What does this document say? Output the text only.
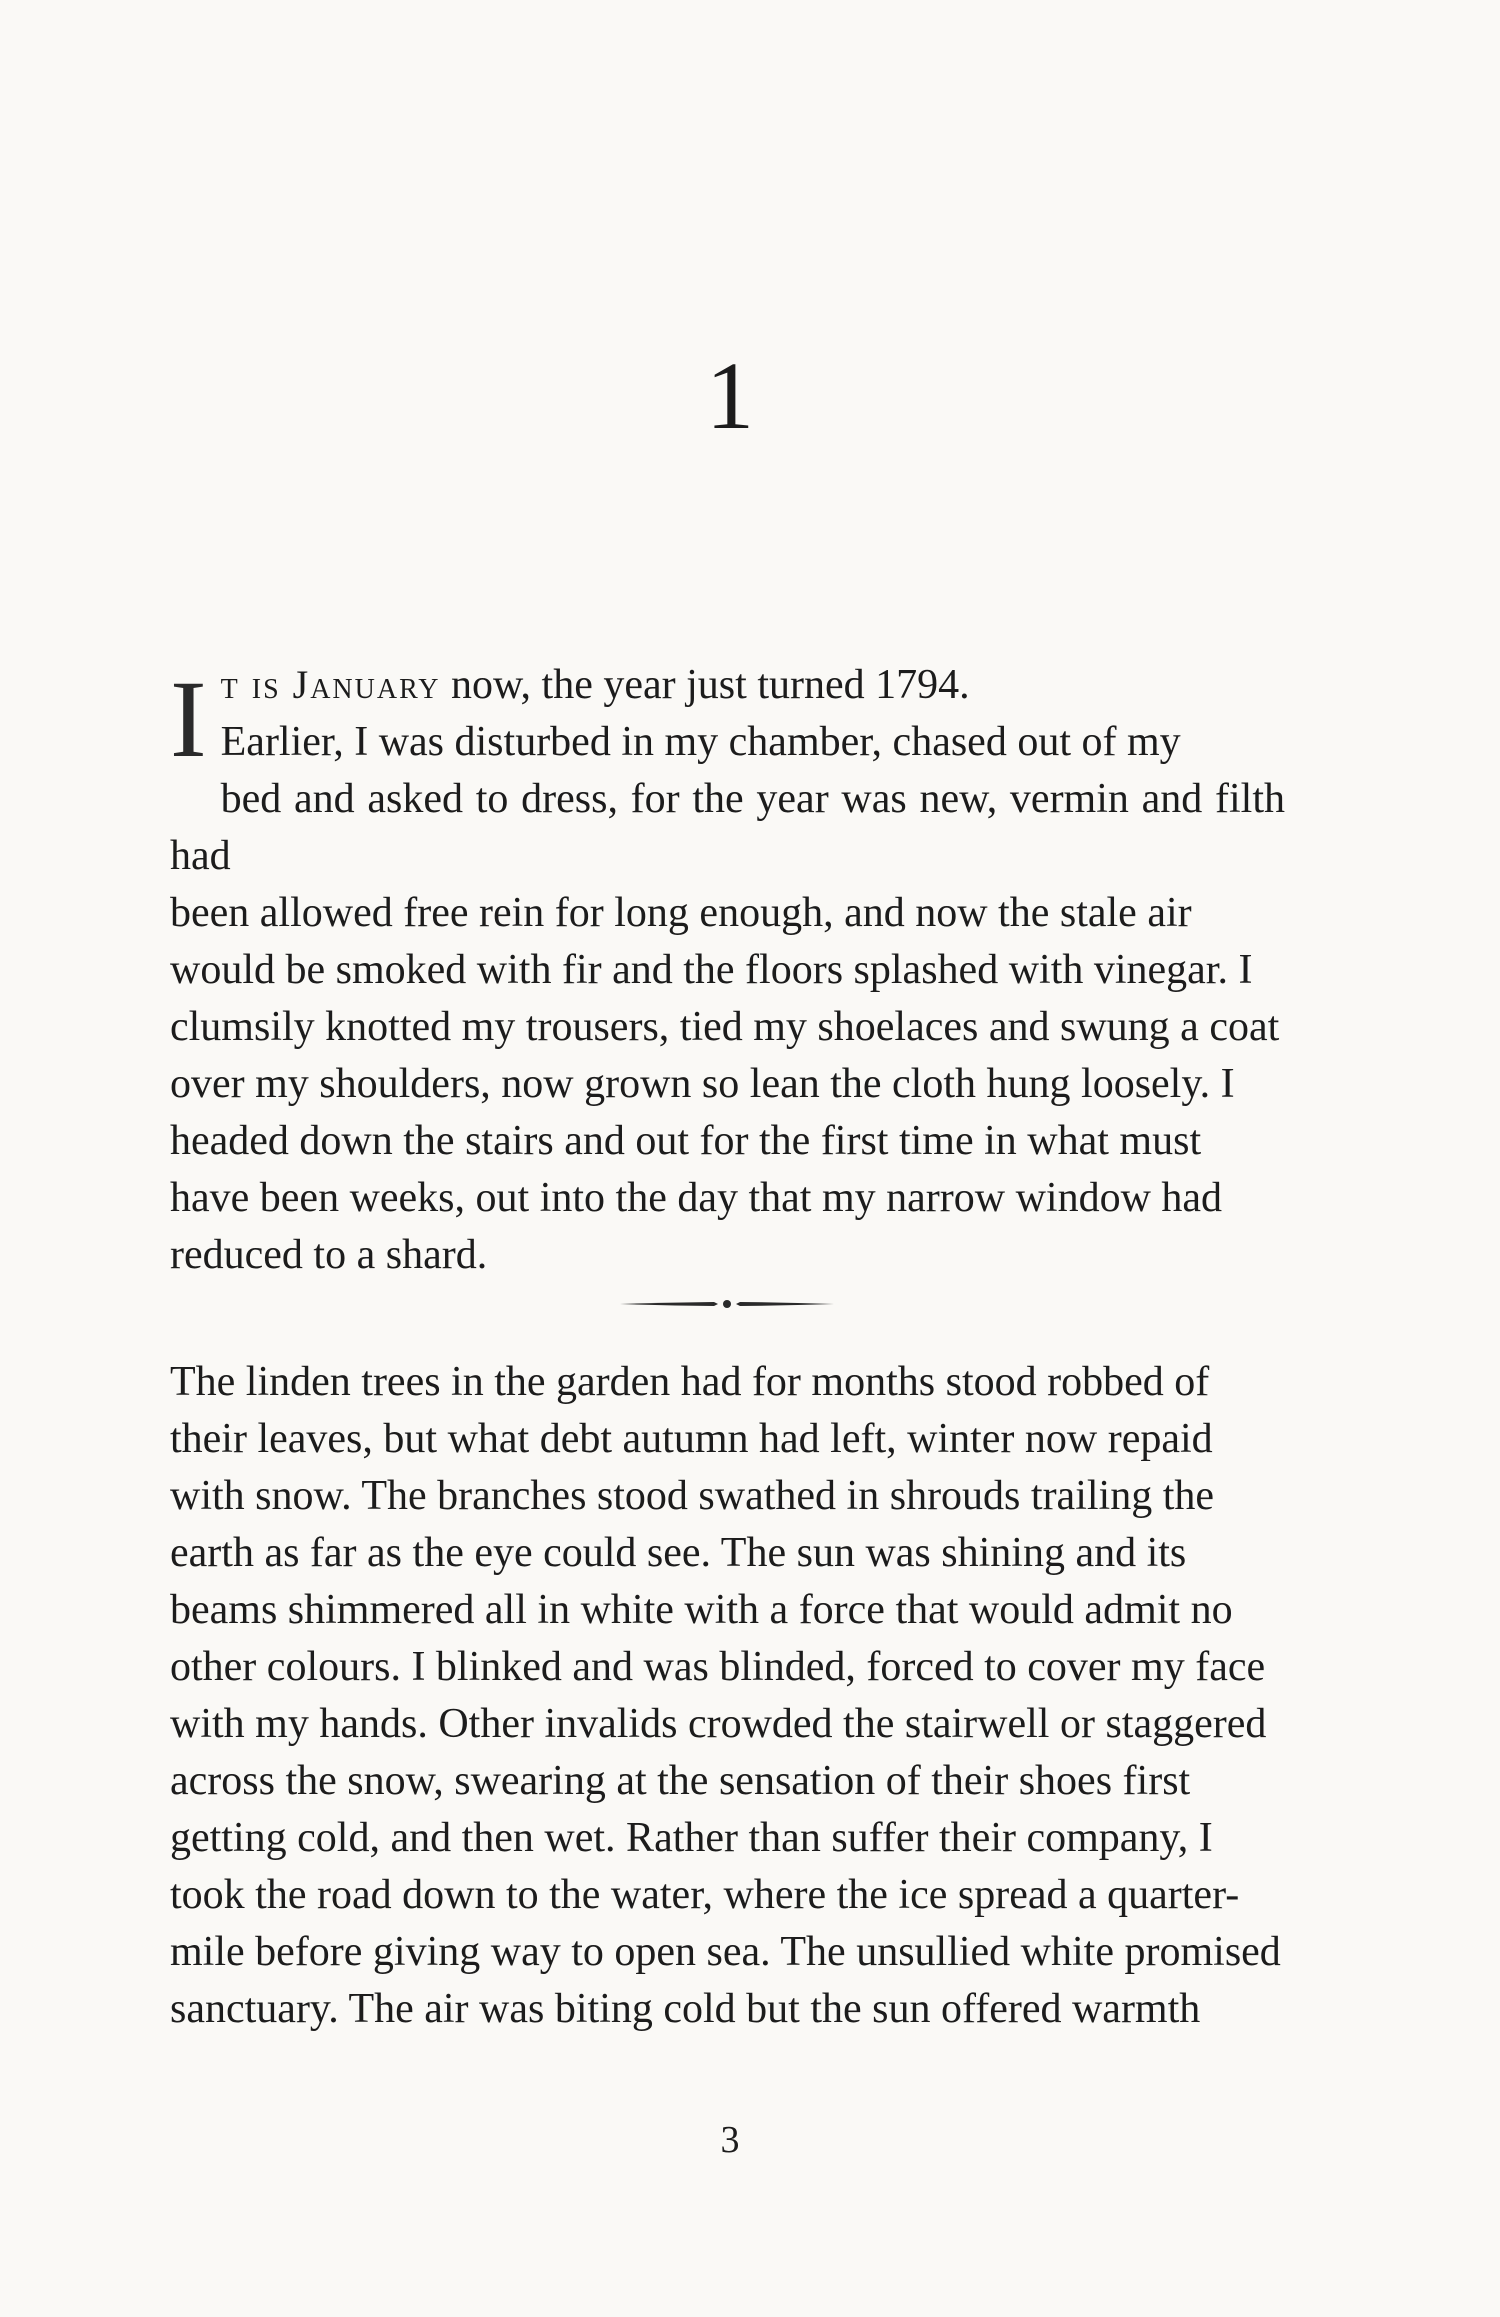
1
I t is January now, the year just turned 1794.
Earlier, I was disturbed in my chamber, chased out of my
bed and asked to dress, for the year was new, vermin and filth had
been allowed free rein for long enough, and now the stale air
would be smoked with fir and the floors splashed with vinegar. I
clumsily knotted my trousers, tied my shoelaces and swung a coat
over my shoulders, now grown so lean the cloth hung loosely. I
headed down the stairs and out for the first time in what must
have been weeks, out into the day that my narrow window had
reduced to a shard.
The linden trees in the garden had for months stood robbed of
their leaves, but what debt autumn had left, winter now repaid
with snow. The branches stood swathed in shrouds trailing the
earth as far as the eye could see. The sun was shining and its
beams shimmered all in white with a force that would admit no
other colours. I blinked and was blinded, forced to cover my face
with my hands. Other invalids crowded the stairwell or staggered
across the snow, swearing at the sensation of their shoes first
getting cold, and then wet. Rather than suffer their company, I
took the road down to the water, where the ice spread a quarter-
mile before giving way to open sea. The unsullied white promised
sanctuary. The air was biting cold but the sun offered warmth
3
